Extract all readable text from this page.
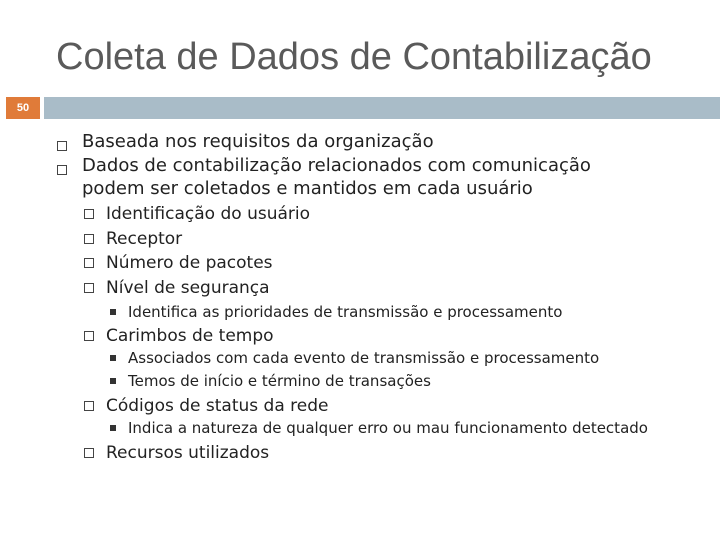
Coleta de Dados de Contabilização
50
Baseada nos requisitos da organização
Dados de contabilização relacionados com comunicação
podem ser coletados e mantidos em cada usuário
Identificação do usuário
Receptor
Número de pacotes
Nível de segurança
Identifica as prioridades de transmissão e processamento
Carimbos de tempo
Associados com cada evento de transmissão e processamento
Temos de início e término de transações
Códigos de status da rede
Indica a natureza de qualquer erro ou mau funcionamento detectado
Recursos utilizados
